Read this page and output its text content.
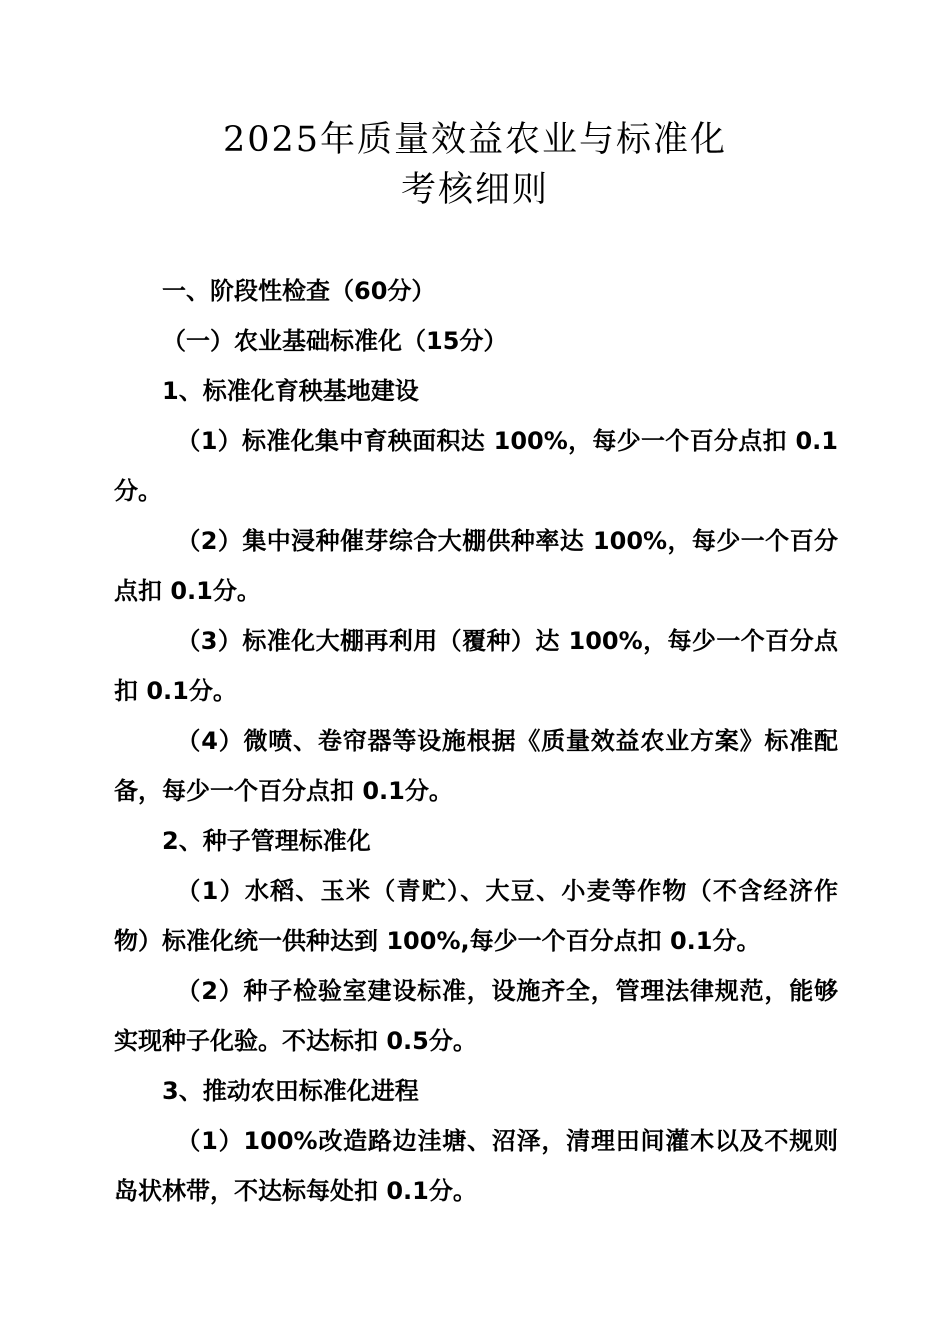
2025年质量效益农业与标准化
考核细则

一、阶段性检查（60分）

（一）农业基础标准化（15分）

1、标准化育秧基地建设

（1）标准化集中育秧面积达 100%，每少一个百分点扣 0.1分。

（2）集中浸种催芽综合大棚供种率达 100%，每少一个百分点扣 0.1分。

（3）标准化大棚再利用（覆种）达 100%，每少一个百分点扣 0.1分。

（4）微喷、卷帘器等设施根据《质量效益农业方案》标准配备，每少一个百分点扣 0.1分。

2、种子管理标准化

（1）水稻、玉米（青贮）、大豆、小麦等作物（不含经济作物）标准化统一供种达到 100%,每少一个百分点扣 0.1分。

（2）种子检验室建设标准，设施齐全，管理法律规范，能够实现种子化验。不达标扣 0.5分。

3、推动农田标准化进程

（1）100%改造路边洼塘、沼泽，清理田间灌木以及不规则岛状林带，不达标每处扣 0.1分。
